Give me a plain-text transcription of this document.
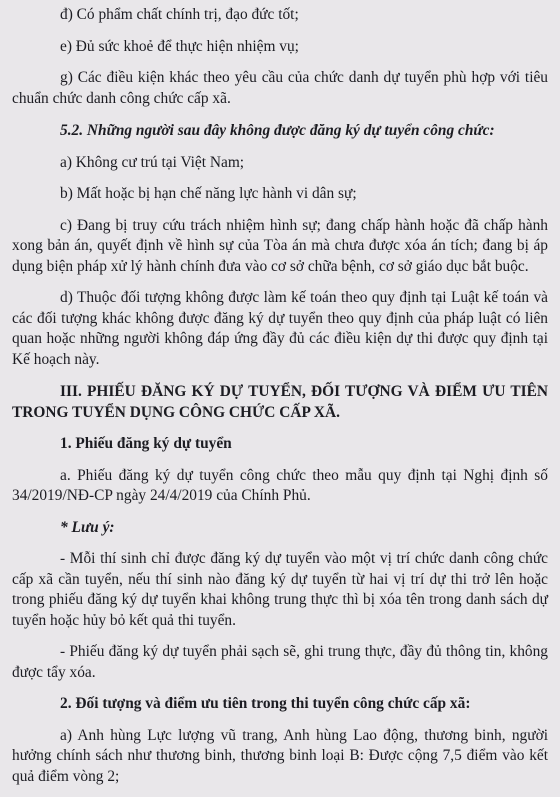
đ) Có phẩm chất chính trị, đạo đức tốt;

e) Đủ sức khoẻ để thực hiện nhiệm vụ;

g) Các điều kiện khác theo yêu cầu của chức danh dự tuyển phù hợp với tiêu chuẩn chức danh công chức cấp xã.

5.2. Những người sau đây không được đăng ký dự tuyển công chức:

a) Không cư trú tại Việt Nam;

b) Mất hoặc bị hạn chế năng lực hành vi dân sự;

c) Đang bị truy cứu trách nhiệm hình sự; đang chấp hành hoặc đã chấp hành xong bản án, quyết định về hình sự của Tòa án mà chưa được xóa án tích; đang bị áp dụng biện pháp xử lý hành chính đưa vào cơ sở chữa bệnh, cơ sở giáo dục bắt buộc.

d) Thuộc đối tượng không được làm kế toán theo quy định tại Luật kế toán và các đối tượng khác không được đăng ký dự tuyển theo quy định của pháp luật có liên quan hoặc những người không đáp ứng đầy đủ các điều kiện dự thi được quy định tại Kế hoạch này.

III. PHIẾU ĐĂNG KÝ DỰ TUYỂN, ĐỐI TƯỢNG VÀ ĐIỂM ƯU TIÊN TRONG TUYỂN DỤNG CÔNG CHỨC CẤP XÃ.

1. Phiếu đăng ký dự tuyển

a. Phiếu đăng ký dự tuyển công chức theo mẫu quy định tại Nghị định số 34/2019/NĐ-CP ngày 24/4/2019 của Chính Phủ.

* Lưu ý:

- Mỗi thí sinh chỉ được đăng ký dự tuyển vào một vị trí chức danh công chức cấp xã cần tuyển, nếu thí sinh nào đăng ký dự tuyển từ hai vị trí dự thi trở lên hoặc trong phiếu đăng ký dự tuyển khai không trung thực thì bị xóa tên trong danh sách dự tuyển hoặc hủy bỏ kết quả thi tuyển.

- Phiếu đăng ký dự tuyển phải sạch sẽ, ghi trung thực, đầy đủ thông tin, không được tẩy xóa.

2. Đối tượng và điểm ưu tiên trong thi tuyển công chức cấp xã:

a) Anh hùng Lực lượng vũ trang, Anh hùng Lao động, thương binh, người hưởng chính sách như thương binh, thương binh loại B: Được cộng 7,5 điểm vào kết quả điểm vòng 2;
